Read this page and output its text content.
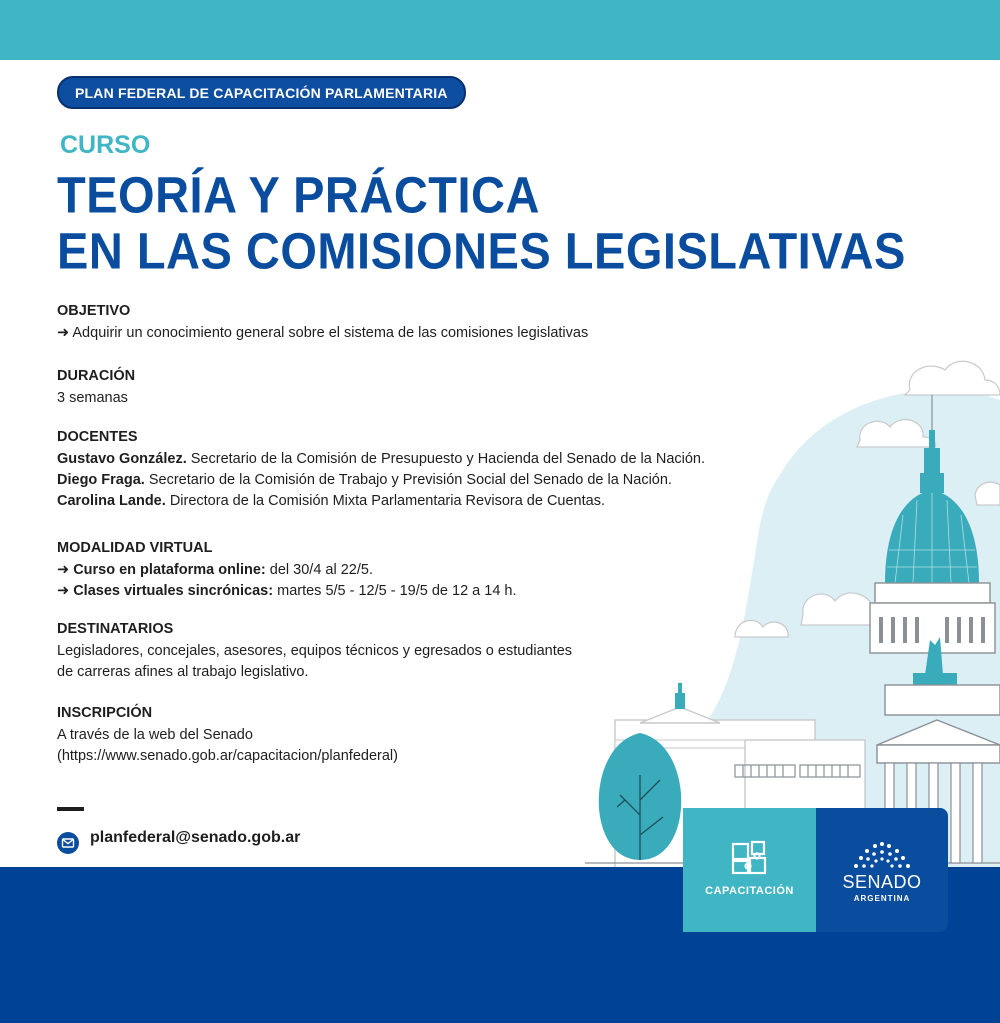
PLAN FEDERAL DE CAPACITACIÓN PARLAMENTARIA
CURSO
TEORÍA Y PRÁCTICA
EN LAS COMISIONES LEGISLATIVAS
OBJETIVO

➜ Adquirir un conocimiento general sobre el sistema de las comisiones legislativas

DURACIÓN

3 semanas

DOCENTES

Gustavo González. Secretario de la Comisión de Presupuesto y Hacienda del Senado de la Nación.

Diego Fraga. Secretario de la Comisión de Trabajo y Previsión Social del Senado de la Nación.

Carolina Lande. Directora de la Comisión Mixta Parlamentaria Revisora de Cuentas.

MODALIDAD VIRTUAL

➜ Curso en plataforma online: del 30/4 al 22/5.

➜ Clases virtuales sincrónicas: martes 5/5 - 12/5 - 19/5 de 12 a 14 h.

DESTINATARIOS

Legisladores, concejales, asesores, equipos técnicos y egresados o estudiantes

de carreras afines al trabajo legislativo.

INSCRIPCIÓN

A través de la web del Senado

(https://www.senado.gob.ar/capacitacion/planfederal)

planfederal@senado.gob.ar
CAPACITACIÓN	SENADO
ARGENTINA
